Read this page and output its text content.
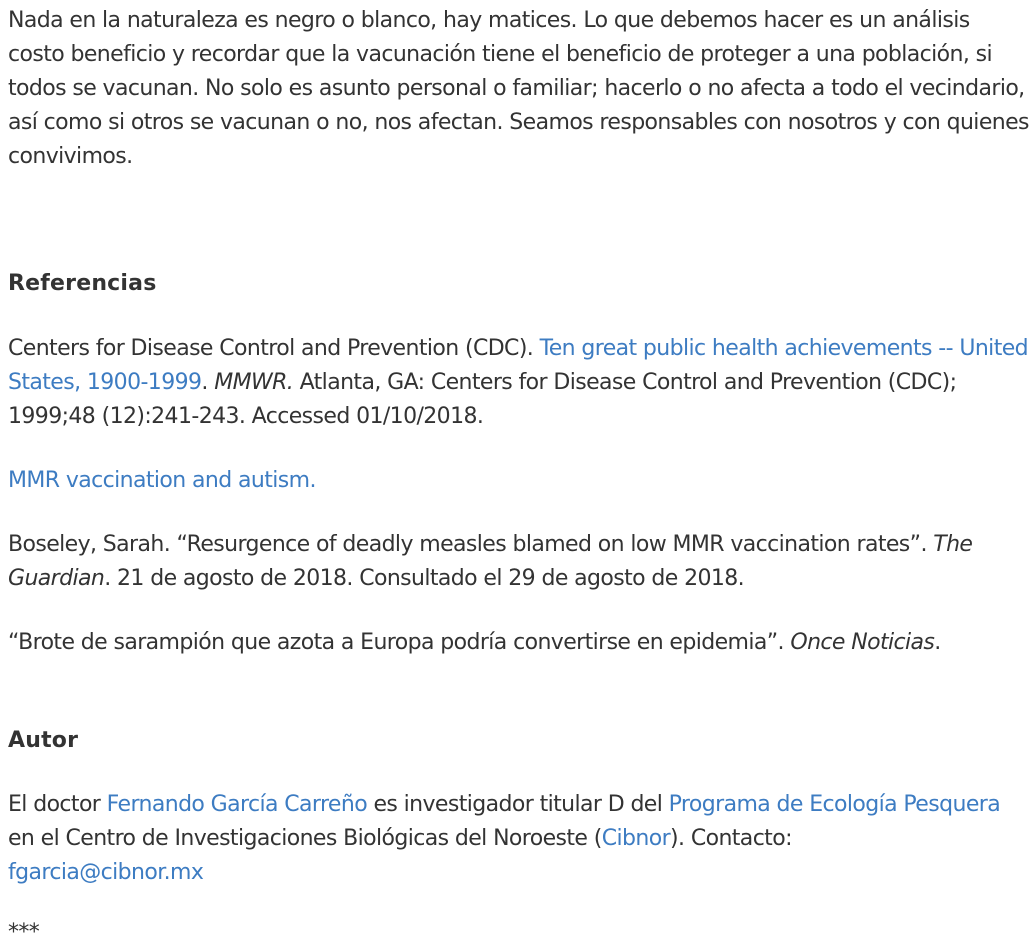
Nada en la naturaleza es negro o blanco, hay matices. Lo que debemos hacer es un análisis costo beneficio y recordar que la vacunación tiene el beneficio de proteger a una población, si todos se vacunan. No solo es asunto personal o familiar; hacerlo o no afecta a todo el vecindario, así como si otros se vacunan o no, nos afectan. Seamos responsables con nosotros y con quienes convivimos.

Referencias

Centers for Disease Control and Prevention (CDC). Ten great public health achievements -- United States, 1900-1999. MMWR. Atlanta, GA: Centers for Disease Control and Prevention (CDC); 1999;48 (12):241-243. Accessed 01/10/2018.

MMR vaccination and autism.

Boseley, Sarah. “Resurgence of deadly measles blamed on low MMR vaccination rates”. The Guardian. 21 de agosto de 2018. Consultado el 29 de agosto de 2018.

“Brote de sarampión que azota a Europa podría convertirse en epidemia”. Once Noticias.

Autor

El doctor Fernando García Carreño es investigador titular D del Programa de Ecología Pesquera en el Centro de Investigaciones Biológicas del Noroeste (Cibnor). Contacto:
fgarcia@cibnor.mx

***
